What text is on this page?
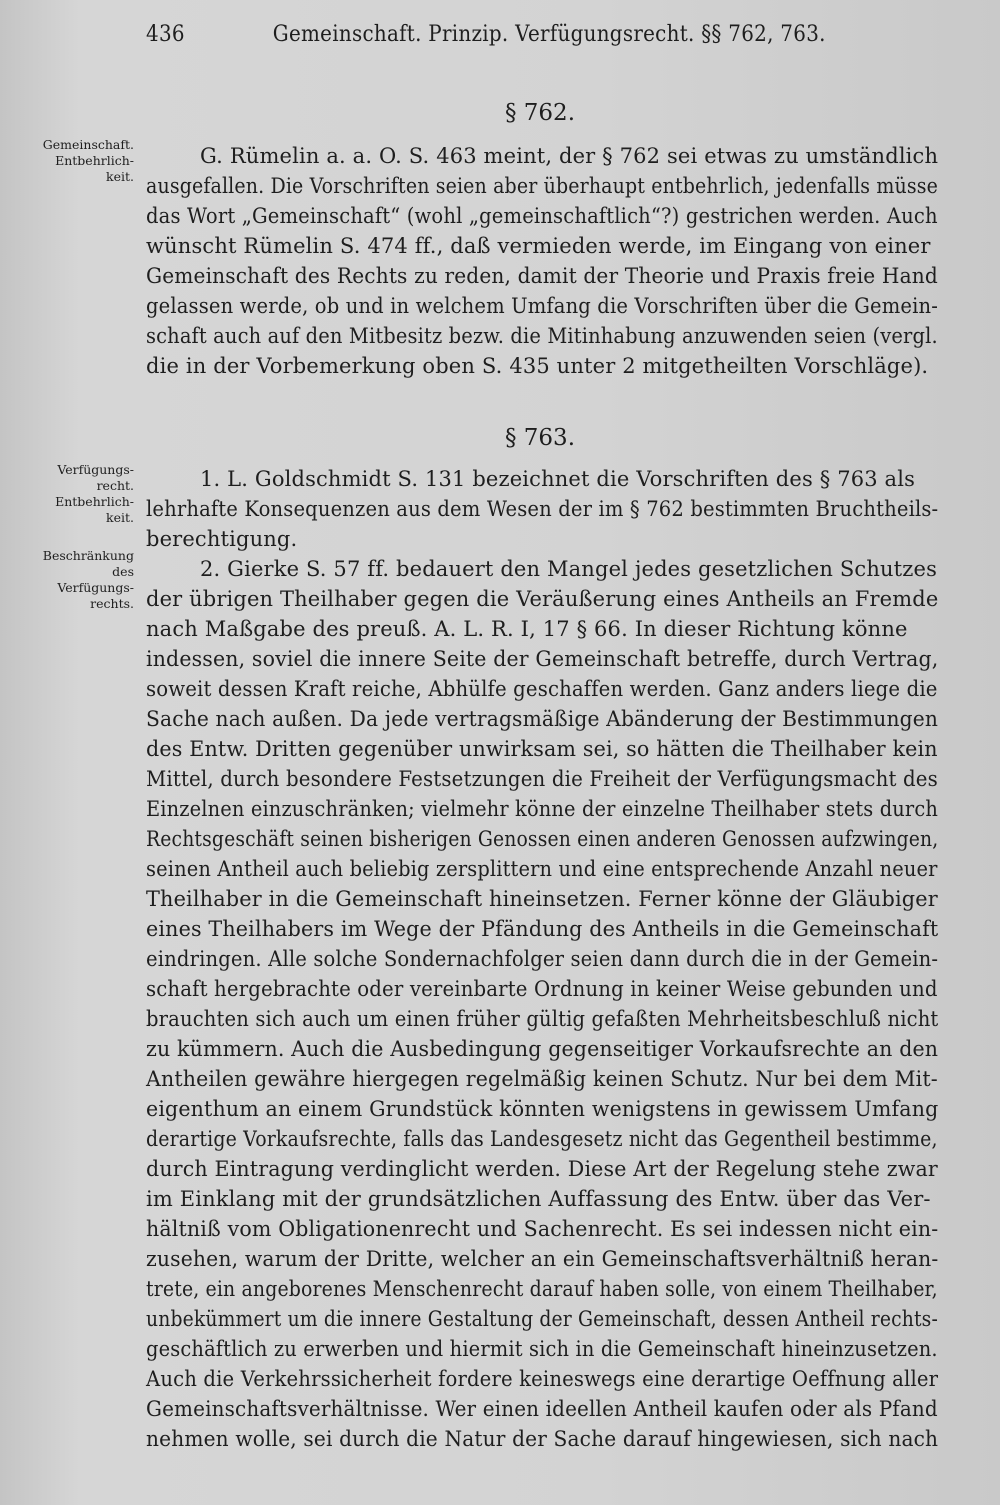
436	Gemeinschaft. Prinzip. Verfügungsrecht. §§ 762, 763.
§ 762.
Gemeinschaft. Entbehrlich- keit.
G. Rümelin a. a. O. S. 463 meint, der § 762 sei etwas zu umständlich
ausgefallen. Die Vorschriften seien aber überhaupt entbehrlich, jedenfalls müsse
das Wort „Gemeinschaft“ (wohl „gemeinschaftlich“?) gestrichen werden. Auch
wünscht Rümelin S. 474 ff., daß vermieden werde, im Eingang von einer
Gemeinschaft des Rechts zu reden, damit der Theorie und Praxis freie Hand
gelassen werde, ob und in welchem Umfang die Vorschriften über die Gemein-
schaft auch auf den Mitbesitz bezw. die Mitinhabung anzuwenden seien (vergl.
die in der Vorbemerkung oben S. 435 unter 2 mitgetheilten Vorschläge).
§ 763.
Verfügungs- recht. Entbehrlich- keit.
Beschränkung des Verfügungs- rechts.
1. L. Goldschmidt S. 131 bezeichnet die Vorschriften des § 763 als
lehrhafte Konsequenzen aus dem Wesen der im § 762 bestimmten Bruchtheils-
berechtigung.
2. Gierke S. 57 ff. bedauert den Mangel jedes gesetzlichen Schutzes
der übrigen Theilhaber gegen die Veräußerung eines Antheils an Fremde
nach Maßgabe des preuß. A. L. R. I, 17 § 66. In dieser Richtung könne
indessen, soviel die innere Seite der Gemeinschaft betreffe, durch Vertrag,
soweit dessen Kraft reiche, Abhülfe geschaffen werden. Ganz anders liege die
Sache nach außen. Da jede vertragsmäßige Abänderung der Bestimmungen
des Entw. Dritten gegenüber unwirksam sei, so hätten die Theilhaber kein
Mittel, durch besondere Festsetzungen die Freiheit der Verfügungsmacht des
Einzelnen einzuschränken; vielmehr könne der einzelne Theilhaber stets durch
Rechtsgeschäft seinen bisherigen Genossen einen anderen Genossen aufzwingen,
seinen Antheil auch beliebig zersplittern und eine entsprechende Anzahl neuer
Theilhaber in die Gemeinschaft hineinsetzen. Ferner könne der Gläubiger
eines Theilhabers im Wege der Pfändung des Antheils in die Gemeinschaft
eindringen. Alle solche Sondernachfolger seien dann durch die in der Gemein-
schaft hergebrachte oder vereinbarte Ordnung in keiner Weise gebunden und
brauchten sich auch um einen früher gültig gefaßten Mehrheitsbeschluß nicht
zu kümmern. Auch die Ausbedingung gegenseitiger Vorkaufsrechte an den
Antheilen gewähre hiergegen regelmäßig keinen Schutz. Nur bei dem Mit-
eigenthum an einem Grundstück könnten wenigstens in gewissem Umfang
derartige Vorkaufsrechte, falls das Landesgesetz nicht das Gegentheil bestimme,
durch Eintragung verdinglicht werden. Diese Art der Regelung stehe zwar
im Einklang mit der grundsätzlichen Auffassung des Entw. über das Ver-
hältniß vom Obligationenrecht und Sachenrecht. Es sei indessen nicht ein-
zusehen, warum der Dritte, welcher an ein Gemeinschaftsverhältniß heran-
trete, ein angeborenes Menschenrecht darauf haben solle, von einem Theilhaber,
unbekümmert um die innere Gestaltung der Gemeinschaft, dessen Antheil rechts-
geschäftlich zu erwerben und hiermit sich in die Gemeinschaft hineinzusetzen.
Auch die Verkehrssicherheit fordere keineswegs eine derartige Oeffnung aller
Gemeinschaftsverhältnisse. Wer einen ideellen Antheil kaufen oder als Pfand
nehmen wolle, sei durch die Natur der Sache darauf hingewiesen, sich nach
